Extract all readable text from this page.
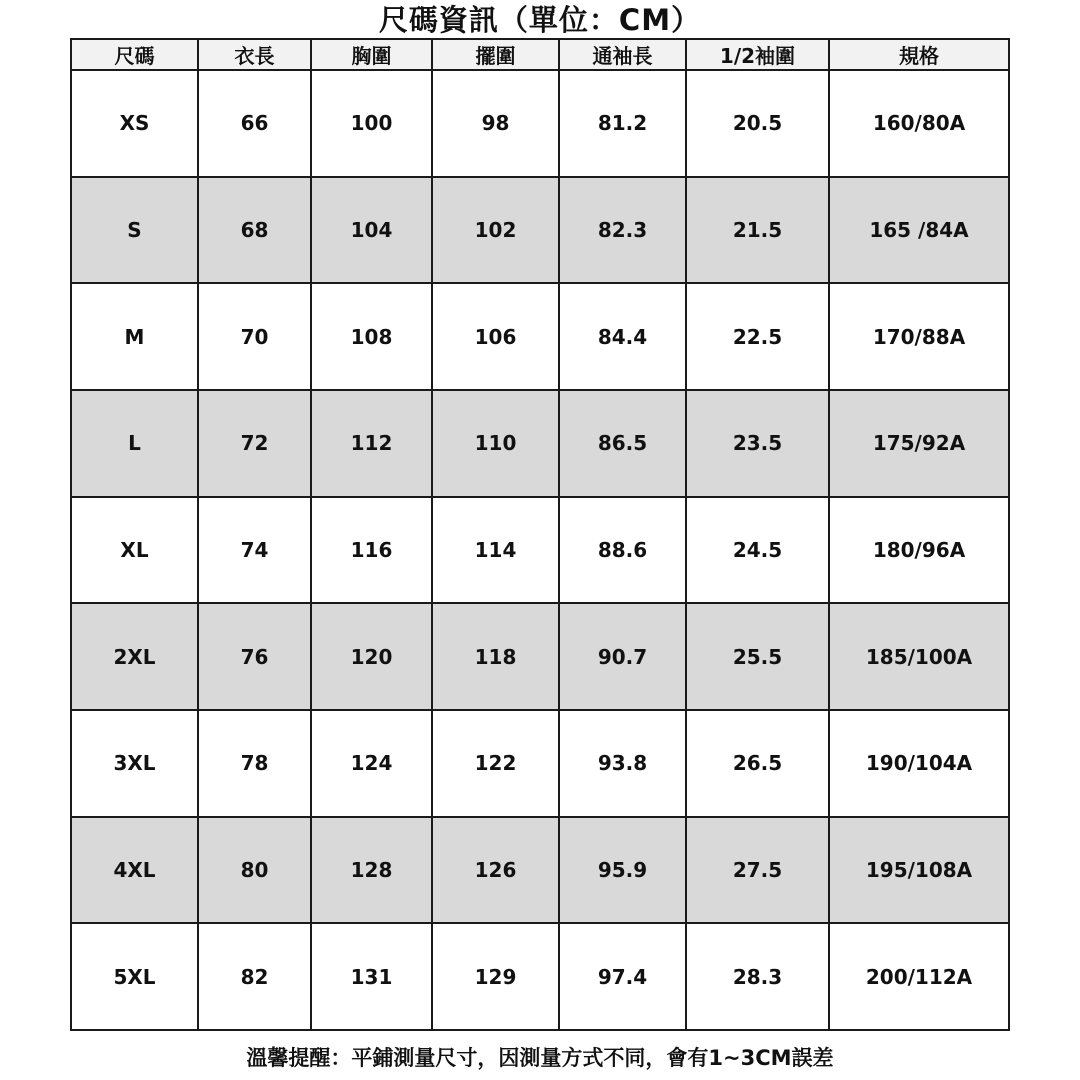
尺碼資訊（單位：CM）
尺碼	衣長	胸圍	擺圍	通袖長	1/2袖圍	規格
XS	66	100	98	81.2	20.5	160/80A
S	68	104	102	82.3	21.5	165 /84A
M	70	108	106	84.4	22.5	170/88A
L	72	112	110	86.5	23.5	175/92A
XL	74	116	114	88.6	24.5	180/96A
2XL	76	120	118	90.7	25.5	185/100A
3XL	78	124	122	93.8	26.5	190/104A
4XL	80	128	126	95.9	27.5	195/108A
5XL	82	131	129	97.4	28.3	200/112A
溫馨提醒：平鋪測量尺寸，因測量方式不同，會有1~3CM誤差
